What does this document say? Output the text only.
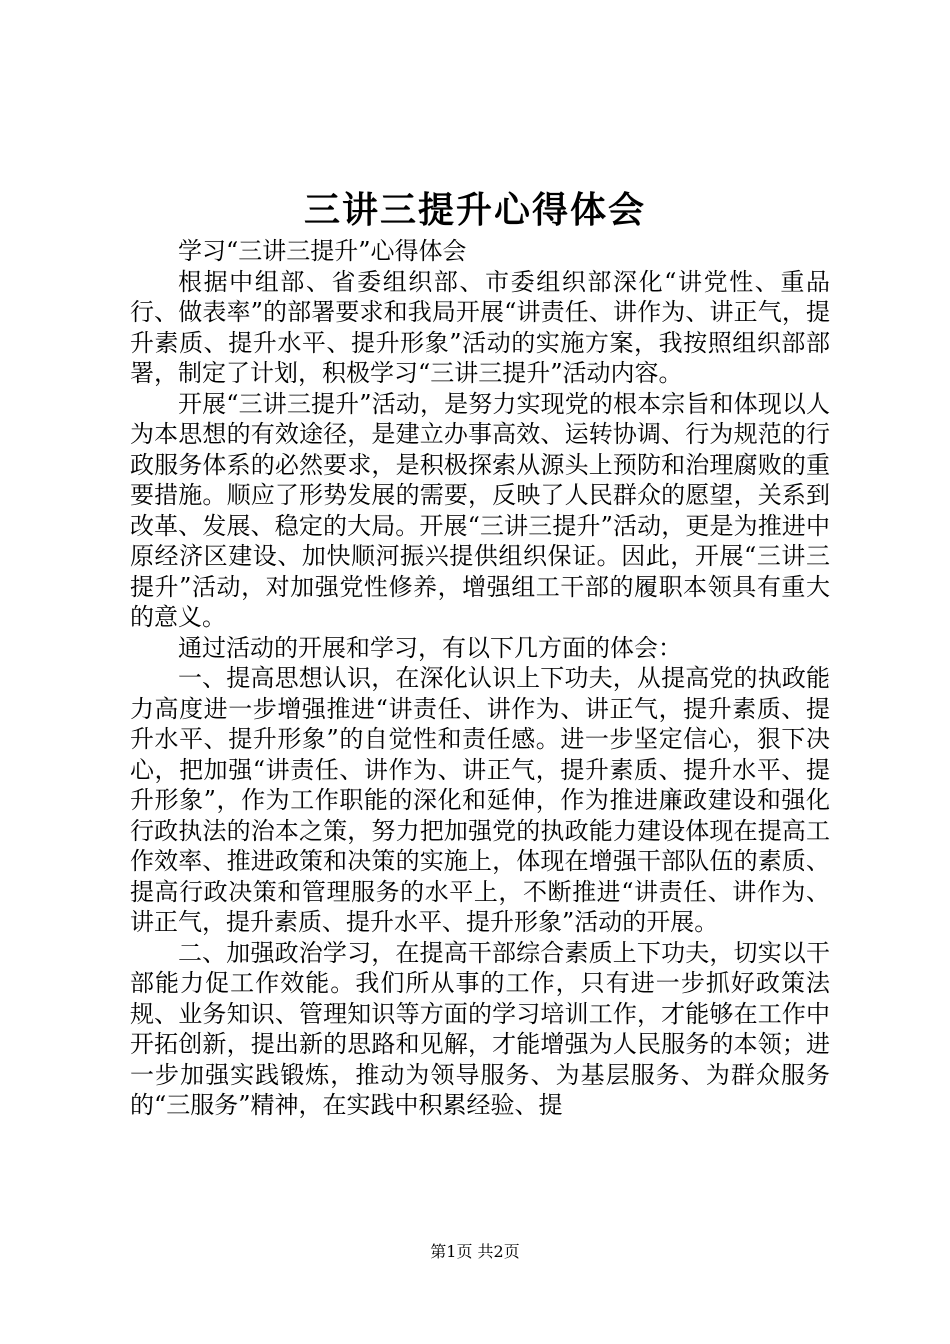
三讲三提升心得体会

学习“三讲三提升”心得体会

根据中组部、省委组织部、市委组织部深化“讲党性、重品行、做表率”的部署要求和我局开展“讲责任、讲作为、讲正气，提升素质、提升水平、提升形象”活动的实施方案，我按照组织部部署，制定了计划，积极学习“三讲三提升”活动内容。

开展“三讲三提升”活动，是努力实现党的根本宗旨和体现以人为本思想的有效途径，是建立办事高效、运转协调、行为规范的行政服务体系的必然要求，是积极探索从源头上预防和治理腐败的重要措施。顺应了形势发展的需要，反映了人民群众的愿望，关系到改革、发展、稳定的大局。开展“三讲三提升”活动，更是为推进中原经济区建设、加快顺河振兴提供组织保证。因此，开展“三讲三提升”活动，对加强党性修养，增强组工干部的履职本领具有重大的意义。

通过活动的开展和学习，有以下几方面的体会：

一、提高思想认识，在深化认识上下功夫，从提高党的执政能力高度进一步增强推进“讲责任、讲作为、讲正气，提升素质、提升水平、提升形象”的自觉性和责任感。进一步坚定信心，狠下决心，把加强“讲责任、讲作为、讲正气，提升素质、提升水平、提升形象”，作为工作职能的深化和延伸，作为推进廉政建设和强化行政执法的治本之策，努力把加强党的执政能力建设体现在提高工作效率、推进政策和决策的实施上，体现在增强干部队伍的素质、提高行政决策和管理服务的水平上，不断推进“讲责任、讲作为、讲正气，提升素质、提升水平、提升形象”活动的开展。

二、加强政治学习，在提高干部综合素质上下功夫，切实以干部能力促工作效能。我们所从事的工作，只有进一步抓好政策法规、业务知识、管理知识等方面的学习培训工作，才能够在工作中开拓创新，提出新的思路和见解，才能增强为人民服务的本领；进一步加强实践锻炼，推动为领导服务、为基层服务、为群众服务的“三服务”精神，在实践中积累经验、提

第1页 共2页
